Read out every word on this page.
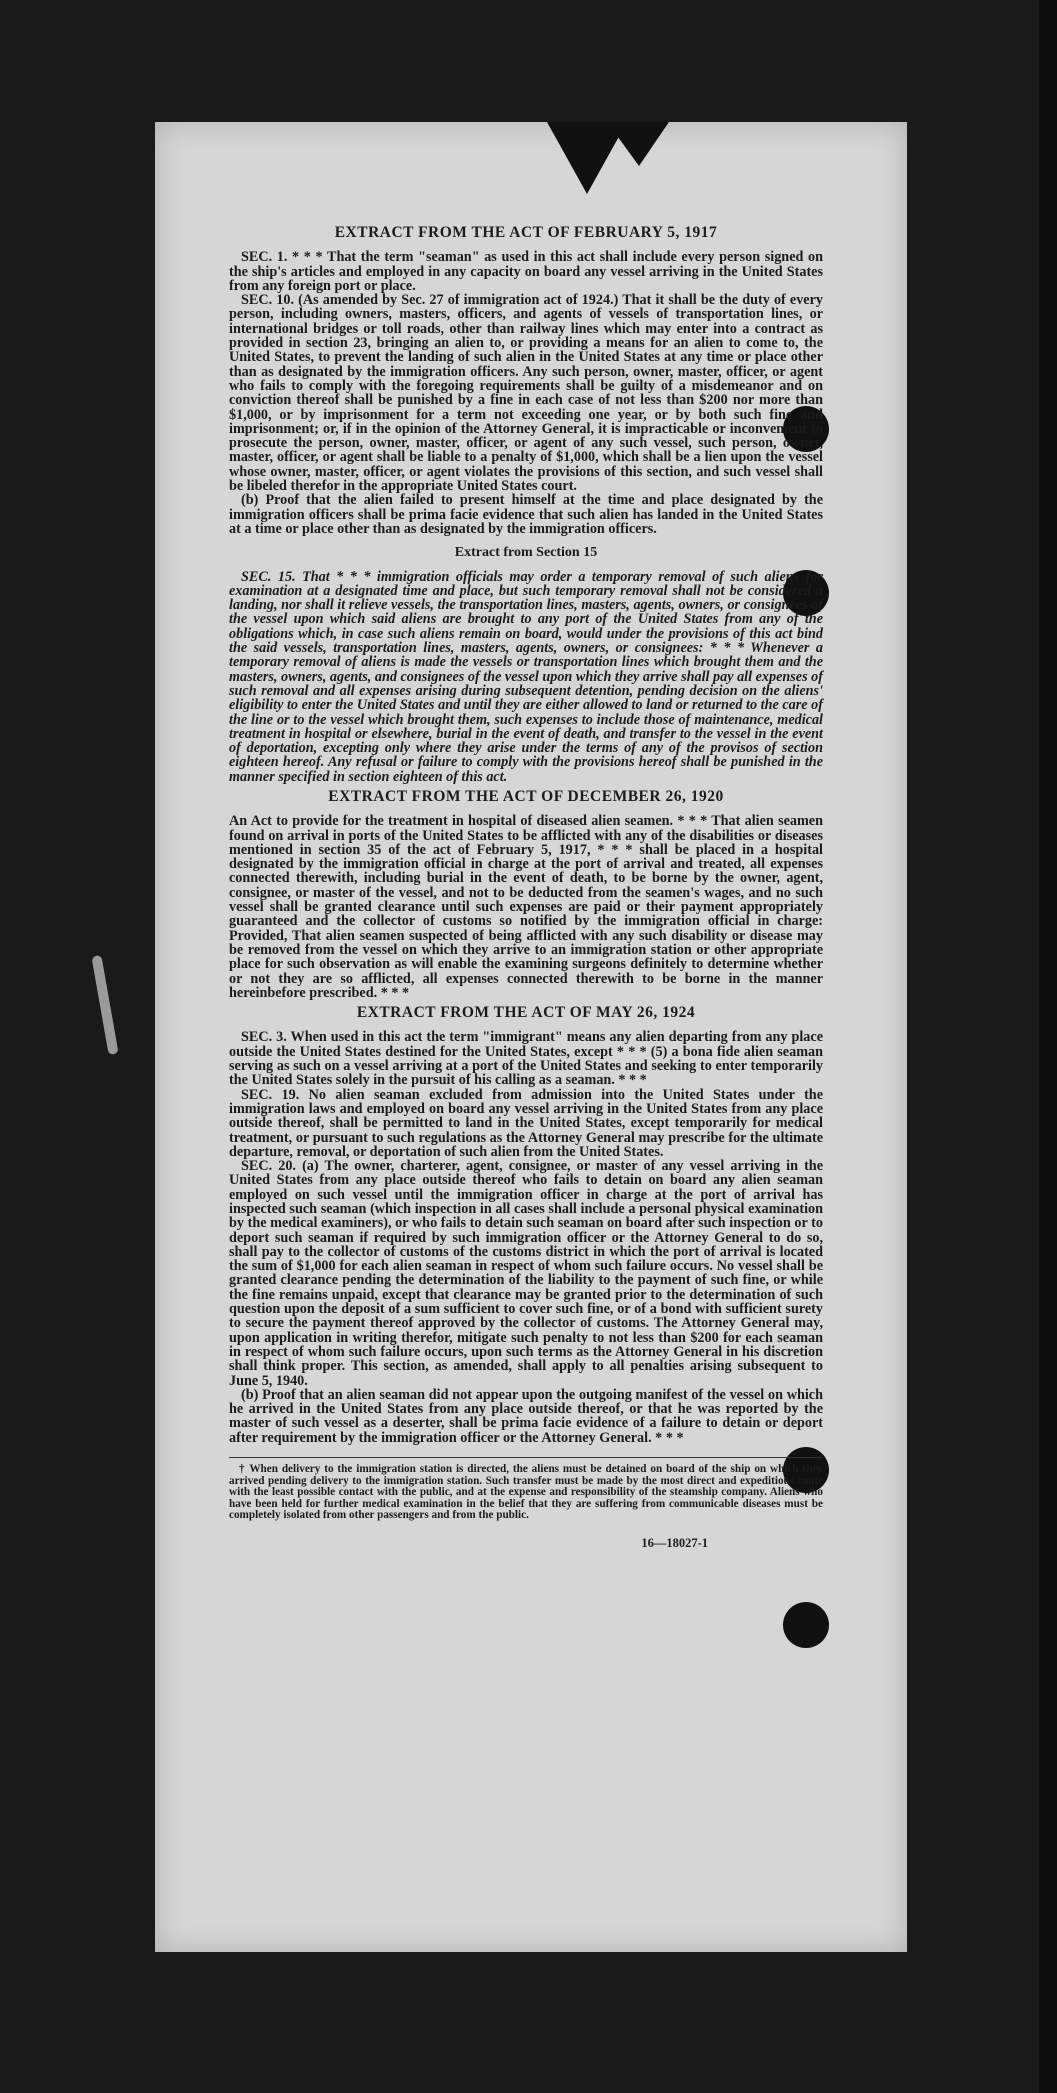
EXTRACT FROM THE ACT OF FEBRUARY 5, 1917

SEC. 1. * * * That the term "seaman" as used in this act shall include every person signed on the ship's articles and employed in any capacity on board any vessel arriving in the United States from any foreign port or place.

SEC. 10. (As amended by Sec. 27 of immigration act of 1924.) That it shall be the duty of every person, including owners, masters, officers, and agents of vessels of transportation lines, or international bridges or toll roads, other than railway lines which may enter into a contract as provided in section 23, bringing an alien to, or providing a means for an alien to come to, the United States, to prevent the landing of such alien in the United States at any time or place other than as designated by the immigration officers. Any such person, owner, master, officer, or agent who fails to comply with the foregoing requirements shall be guilty of a misdemeanor and on conviction thereof shall be punished by a fine in each case of not less than $200 nor more than $1,000, or by imprisonment for a term not exceeding one year, or by both such fine and imprisonment; or, if in the opinion of the Attorney General, it is impracticable or inconvenient to prosecute the person, owner, master, officer, or agent of any such vessel, such person, owner, master, officer, or agent shall be liable to a penalty of $1,000, which shall be a lien upon the vessel whose owner, master, officer, or agent violates the provisions of this section, and such vessel shall be libeled therefor in the appropriate United States court.

(b) Proof that the alien failed to present himself at the time and place designated by the immigration officers shall be prima facie evidence that such alien has landed in the United States at a time or place other than as designated by the immigration officers.

Extract from Section 15

SEC. 15. That * * * immigration officials may order a temporary removal of such aliens for examination at a designated time and place, but such temporary removal shall not be considered a landing, nor shall it relieve vessels, the transportation lines, masters, agents, owners, or consignees of the vessel upon which said aliens are brought to any port of the United States from any of the obligations which, in case such aliens remain on board, would under the provisions of this act bind the said vessels, transportation lines, masters, agents, owners, or consignees: * * * Whenever a temporary removal of aliens is made the vessels or transportation lines which brought them and the masters, owners, agents, and consignees of the vessel upon which they arrive shall pay all expenses of such removal and all expenses arising during subsequent detention, pending decision on the aliens' eligibility to enter the United States and until they are either allowed to land or returned to the care of the line or to the vessel which brought them, such expenses to include those of maintenance, medical treatment in hospital or elsewhere, burial in the event of death, and transfer to the vessel in the event of deportation, excepting only where they arise under the terms of any of the provisos of section eighteen hereof. Any refusal or failure to comply with the provisions hereof shall be punished in the manner specified in section eighteen of this act.

EXTRACT FROM THE ACT OF DECEMBER 26, 1920

An Act to provide for the treatment in hospital of diseased alien seamen. * * * That alien seamen found on arrival in ports of the United States to be afflicted with any of the disabilities or diseases mentioned in section 35 of the act of February 5, 1917, * * * shall be placed in a hospital designated by the immigration official in charge at the port of arrival and treated, all expenses connected therewith, including burial in the event of death, to be borne by the owner, agent, consignee, or master of the vessel, and not to be deducted from the seamen's wages, and no such vessel shall be granted clearance until such expenses are paid or their payment appropriately guaranteed and the collector of customs so notified by the immigration official in charge: Provided, That alien seamen suspected of being afflicted with any such disability or disease may be removed from the vessel on which they arrive to an immigration station or other appropriate place for such observation as will enable the examining surgeons definitely to determine whether or not they are so afflicted, all expenses connected therewith to be borne in the manner hereinbefore prescribed. * * *

EXTRACT FROM THE ACT OF MAY 26, 1924

SEC. 3. When used in this act the term "immigrant" means any alien departing from any place outside the United States destined for the United States, except * * * (5) a bona fide alien seaman serving as such on a vessel arriving at a port of the United States and seeking to enter temporarily the United States solely in the pursuit of his calling as a seaman. * * *

SEC. 19. No alien seaman excluded from admission into the United States under the immigration laws and employed on board any vessel arriving in the United States from any place outside thereof, shall be permitted to land in the United States, except temporarily for medical treatment, or pursuant to such regulations as the Attorney General may prescribe for the ultimate departure, removal, or deportation of such alien from the United States.

SEC. 20. (a) The owner, charterer, agent, consignee, or master of any vessel arriving in the United States from any place outside thereof who fails to detain on board any alien seaman employed on such vessel until the immigration officer in charge at the port of arrival has inspected such seaman (which inspection in all cases shall include a personal physical examination by the medical examiners), or who fails to detain such seaman on board after such inspection or to deport such seaman if required by such immigration officer or the Attorney General to do so, shall pay to the collector of customs of the customs district in which the port of arrival is located the sum of $1,000 for each alien seaman in respect of whom such failure occurs. No vessel shall be granted clearance pending the determination of the liability to the payment of such fine, or while the fine remains unpaid, except that clearance may be granted prior to the determination of such question upon the deposit of a sum sufficient to cover such fine, or of a bond with sufficient surety to secure the payment thereof approved by the collector of customs. The Attorney General may, upon application in writing therefor, mitigate such penalty to not less than $200 for each seaman in respect of whom such failure occurs, upon such terms as the Attorney General in his discretion shall think proper. This section, as amended, shall apply to all penalties arising subsequent to June 5, 1940.

(b) Proof that an alien seaman did not appear upon the outgoing manifest of the vessel on which he arrived in the United States from any place outside thereof, or that he was reported by the master of such vessel as a deserter, shall be prima facie evidence of a failure to detain or deport after requirement by the immigration officer or the Attorney General. * * *

† When delivery to the immigration station is directed, the aliens must be detained on board of the ship on which they arrived pending delivery to the immigration station. Such transfer must be made by the most direct and expeditious route with the least possible contact with the public, and at the expense and responsibility of the steamship company. Aliens who have been held for further medical examination in the belief that they are suffering from communicable diseases must be completely isolated from other passengers and from the public.

16—18027-1
